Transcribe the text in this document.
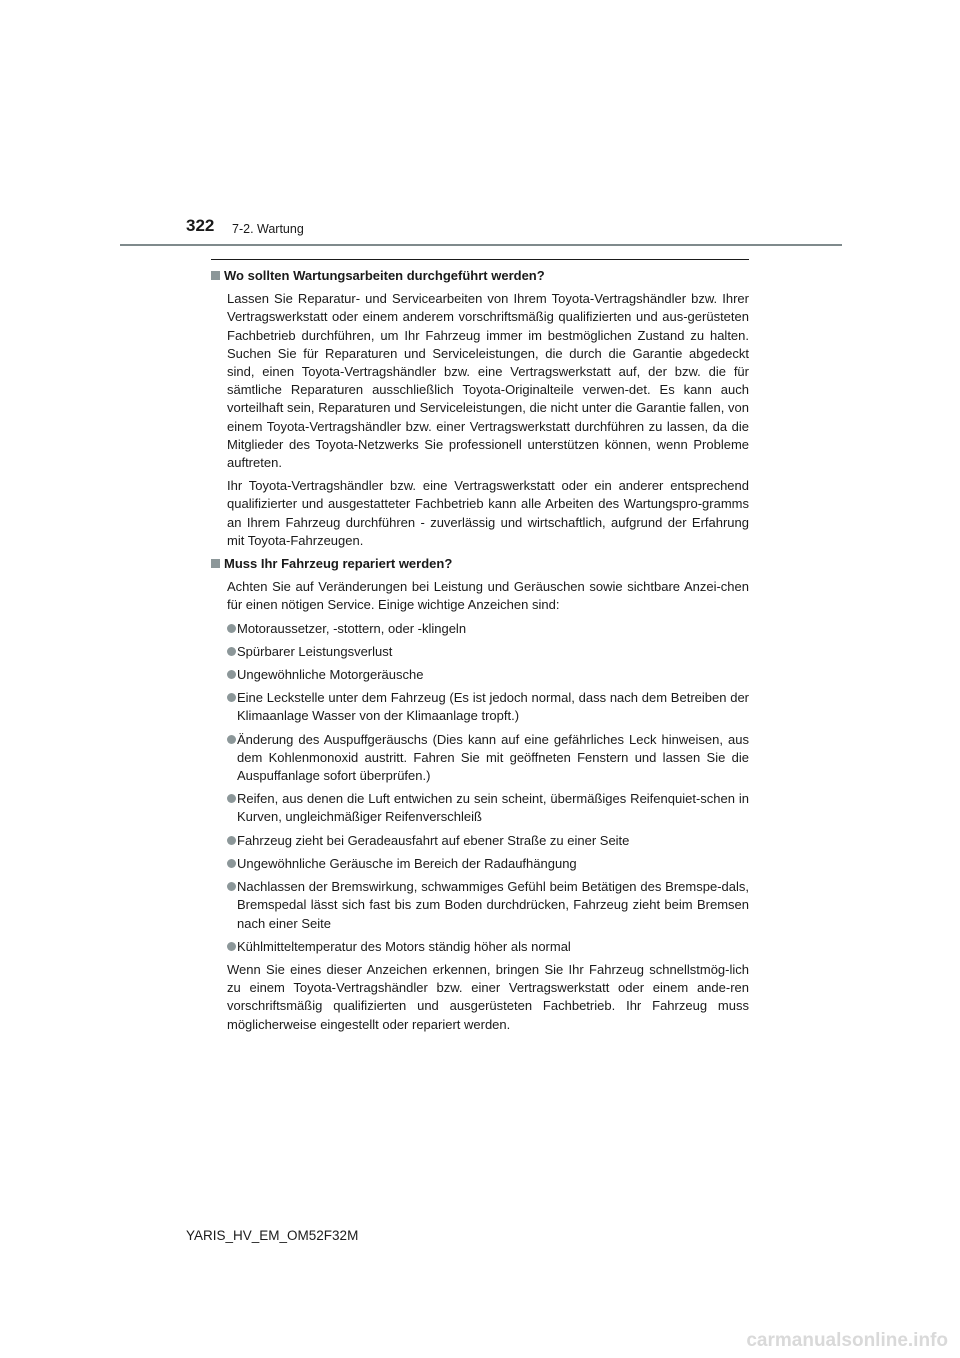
322 7-2. Wartung
Wo sollten Wartungsarbeiten durchgeführt werden?

Lassen Sie Reparatur- und Servicearbeiten von Ihrem Toyota-Vertragshändler bzw. Ihrer Vertragswerkstatt oder einem anderem vorschriftsmäßig qualifizierten und aus-gerüsteten Fachbetrieb durchführen, um Ihr Fahrzeug immer im bestmöglichen Zustand zu halten. Suchen Sie für Reparaturen und Serviceleistungen, die durch die Garantie abgedeckt sind, einen Toyota-Vertragshändler bzw. eine Vertragswerkstatt auf, der bzw. die für sämtliche Reparaturen ausschließlich Toyota-Originalteile verwen-det. Es kann auch vorteilhaft sein, Reparaturen und Serviceleistungen, die nicht unter die Garantie fallen, von einem Toyota-Vertragshändler bzw. einer Vertragswerkstatt durchführen zu lassen, da die Mitglieder des Toyota-Netzwerks Sie professionell unterstützen können, wenn Probleme auftreten.

Ihr Toyota-Vertragshändler bzw. eine Vertragswerkstatt oder ein anderer entsprechend qualifizierter und ausgestatteter Fachbetrieb kann alle Arbeiten des Wartungspro-gramms an Ihrem Fahrzeug durchführen - zuverlässig und wirtschaftlich, aufgrund der Erfahrung mit Toyota-Fahrzeugen.

Muss Ihr Fahrzeug repariert werden?

Achten Sie auf Veränderungen bei Leistung und Geräuschen sowie sichtbare Anzei-chen für einen nötigen Service. Einige wichtige Anzeichen sind:

Motoraussetzer, -stottern, oder -klingeln
Spürbarer Leistungsverlust
Ungewöhnliche Motorgeräusche
Eine Leckstelle unter dem Fahrzeug (Es ist jedoch normal, dass nach dem Betreiben der Klimaanlage Wasser von der Klimaanlage tropft.)
Änderung des Auspuffgeräuschs (Dies kann auf eine gefährliches Leck hinweisen, aus dem Kohlenmonoxid austritt. Fahren Sie mit geöffneten Fenstern und lassen Sie die Auspuffanlage sofort überprüfen.)
Reifen, aus denen die Luft entwichen zu sein scheint, übermäßiges Reifenquiet-schen in Kurven, ungleichmäßiger Reifenverschleiß
Fahrzeug zieht bei Geradeausfahrt auf ebener Straße zu einer Seite
Ungewöhnliche Geräusche im Bereich der Radaufhängung
Nachlassen der Bremswirkung, schwammiges Gefühl beim Betätigen des Bremspe-dals, Bremspedal lässt sich fast bis zum Boden durchdrücken, Fahrzeug zieht beim Bremsen nach einer Seite
Kühlmitteltemperatur des Motors ständig höher als normal

Wenn Sie eines dieser Anzeichen erkennen, bringen Sie Ihr Fahrzeug schnellstmög-lich zu einem Toyota-Vertragshändler bzw. einer Vertragswerkstatt oder einem ande-ren vorschriftsmäßig qualifizierten und ausgerüsteten Fachbetrieb. Ihr Fahrzeug muss möglicherweise eingestellt oder repariert werden.

YARIS_HV_EM_OM52F32M
carmanualsonline.info
